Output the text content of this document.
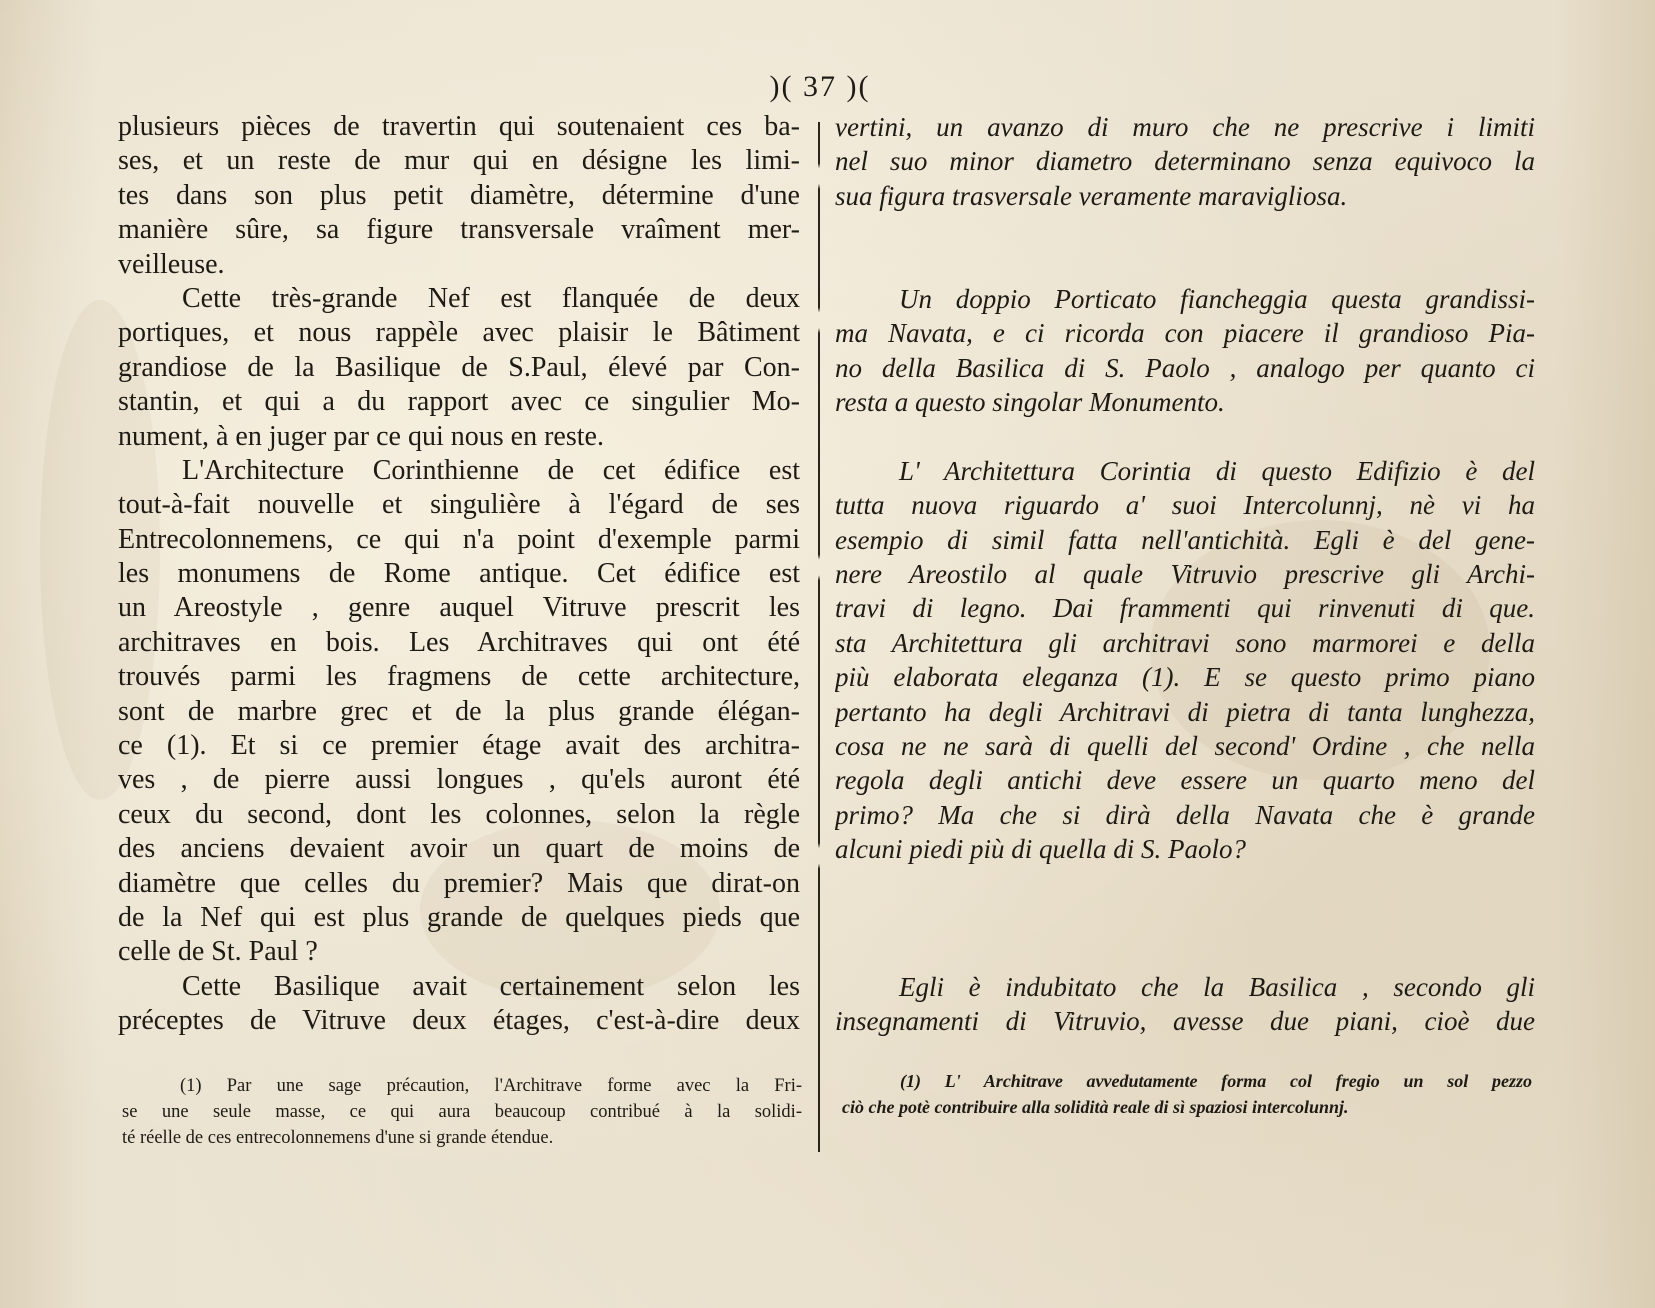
)( 37 )(
plusieurs pièces de travertin qui soutenaient ces ba-
ses, et un reste de mur qui en désigne les limi-
tes dans son plus petit diamètre, détermine d'une
manière sûre, sa figure transversale vraîment mer-
veilleuse.
Cette très-grande Nef est flanquée de deux
portiques, et nous rappèle avec plaisir le Bâtiment
grandiose de la Basilique de S.Paul, élevé par Con-
stantin, et qui a du rapport avec ce singulier Mo-
nument, à en juger par ce qui nous en reste.
L'Architecture Corinthienne de cet édifice est
tout-à-fait nouvelle et singulière à l'égard de ses
Entrecolonnemens, ce qui n'a point d'exemple parmi
les monumens de Rome antique. Cet édifice est
un Areostyle , genre auquel Vitruve prescrit les
architraves en bois. Les Architraves qui ont été
trouvés parmi les fragmens de cette architecture,
sont de marbre grec et de la plus grande élégan-
ce (1). Et si ce premier étage avait des architra-
ves , de pierre aussi longues , qu'els auront été
ceux du second, dont les colonnes, selon la règle
des anciens devaient avoir un quart de moins de
diamètre que celles du premier? Mais que dirat-on
de la Nef qui est plus grande de quelques pieds que
celle de St. Paul ?
Cette Basilique avait certainement selon les
préceptes de Vitruve deux étages, c'est-à-dire deux
vertini, un avanzo di muro che ne prescrive i limiti
nel suo minor diametro determinano senza equivoco la
sua figura trasversale veramente maravigliosa.
Un doppio Porticato fiancheggia questa grandissi-
ma Navata, e ci ricorda con piacere il grandioso Pia-
no della Basilica di S. Paolo , analogo per quanto ci
resta a questo singolar Monumento.
L' Architettura Corintia di questo Edifizio è del
tutta nuova riguardo a' suoi Intercolunnj, nè vi ha
esempio di simil fatta nell'antichità. Egli è del gene-
nere Areostilo al quale Vitruvio prescrive gli Archi-
travi di legno. Dai frammenti qui rinvenuti di que.
sta Architettura gli architravi sono marmorei e della
più elaborata eleganza (1). E se questo primo piano
pertanto ha degli Architravi di pietra di tanta lunghezza,
cosa ne ne sarà di quelli del second' Ordine , che nella
regola degli antichi deve essere un quarto meno del
primo? Ma che si dirà della Navata che è grande
alcuni piedi più di quella di S. Paolo?
Egli è indubitato che la Basilica , secondo gli
insegnamenti di Vitruvio, avesse due piani, cioè due
(1) Par une sage précaution, l'Architrave forme avec la Fri-
se une seule masse, ce qui aura beaucoup contribué à la solidi-
té réelle de ces entrecolonnemens d'une si grande étendue.
(1) L' Architrave avvedutamente forma col fregio un sol pezzo
ciò che potè contribuire alla solidità reale di sì spaziosi intercolunnj.
